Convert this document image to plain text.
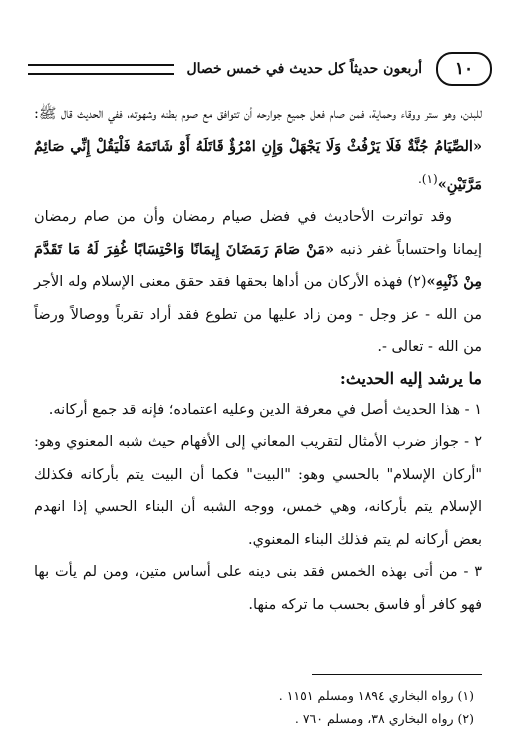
١٠
أربعون حديثاً كل حديث في خمس خصال

للبدن، وهو ستر ووقاء وحماية، فمن صام فعل جميع جوارحه أن تتوافق مع صوم بطنه وشهوته، ففي الحديث قال ﷺ: «الصِّيَامُ جُنَّةٌ فَلَا يَرْفُثْ وَلَا يَجْهَلْ وَإِنِ امْرُؤٌ قَاتَلَهُ أَوْ شَاتَمَهُ فَلْيَقُلْ إِنِّي صَائِمٌ مَرَّتَيْنِ»$^{(١).}$

وقد تواترت الأحاديث في فضل صيام رمضان وأن من صام رمضان إيمانا واحتساباً غفر ذنبه «مَنْ صَامَ رَمَضَانَ إِيمَانًا وَاحْتِسَابًا غُفِرَ لَهُ مَا تَقَدَّمَ مِنْ ذَنْبِهِ»(٢) فهذه الأركان من أداها بحقها فقد حقق معنى الإسلام وله الأجر من الله - عز وجل - ومن زاد عليها من تطوع فقد أراد تقرباً ووصالاً ورضاً من الله - تعالى -.

ما يرشد إليه الحديث:

١ - هذا الحديث أصل في معرفة الدين وعليه اعتماده؛ فإنه قد جمع أركانه.

٢ - جواز ضرب الأمثال لتقريب المعاني إلى الأفهام حيث شبه المعنوي وهو: "أركان الإسلام" بالحسي وهو: "البيت" فكما أن البيت يتم بأركانه فكذلك الإسلام يتم بأركانه، وهي خمس، ووجه الشبه أن البناء الحسي إذا انهدم بعض أركانه لم يتم فذلك البناء المعنوي.

٣ - من أتى بهذه الخمس فقد بنى دينه على أساس متين، ومن لم يأت بها فهو كافر أو فاسق بحسب ما تركه منها.

(١) رواه البخاري ١٨٩٤ ومسلم ١١٥١ .
(٢) رواه البخاري ٣٨، ومسلم ٧٦٠ .
